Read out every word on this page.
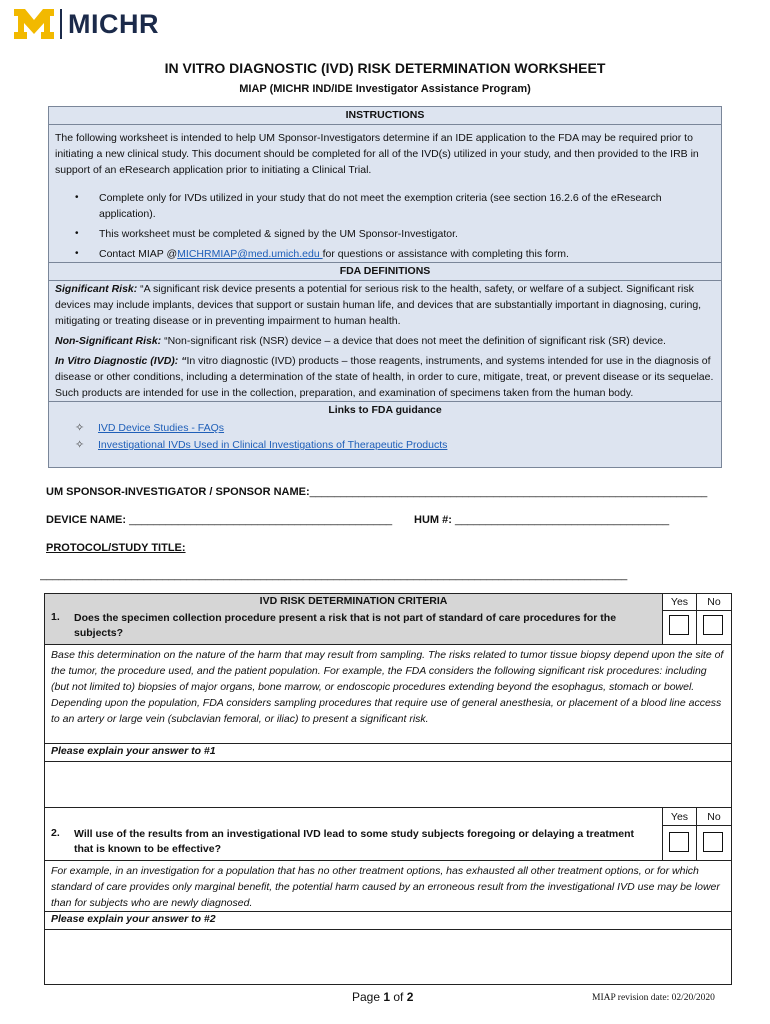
MICHR
IN VITRO DIAGNOSTIC (IVD) RISK DETERMINATION WORKSHEET
MIAP (MICHR IND/IDE Investigator Assistance Program)
INSTRUCTIONS
The following worksheet is intended to help UM Sponsor-Investigators determine if an IDE application to the FDA may be required prior to initiating a new clinical study. This document should be completed for all of the IVD(s) utilized in your study, and then provided to the IRB in support of an eResearch application prior to initiating a Clinical Trial.
• Complete only for IVDs utilized in your study that do not meet the exemption criteria (see section 16.2.6 of the eResearch application).
• This worksheet must be completed & signed by the UM Sponsor-Investigator.
• Contact MIAP @MICHRMIAP@med.umich.edu for questions or assistance with completing this form.
FDA DEFINITIONS
Significant Risk: “A significant risk device presents a potential for serious risk to the health, safety, or welfare of a subject. Significant risk devices may include implants, devices that support or sustain human life, and devices that are substantially important in diagnosing, curing, mitigating or treating disease or in preventing impairment to human health.
Non-Significant Risk: “Non-significant risk (NSR) device – a device that does not meet the definition of significant risk (SR) device.
In Vitro Diagnostic (IVD): “In vitro diagnostic (IVD) products – those reagents, instruments, and systems intended for use in the diagnosis of disease or other conditions, including a determination of the state of health, in order to cure, mitigate, treat, or prevent disease or its sequelae. Such products are intended for use in the collection, preparation, and examination of specimens taken from the human body.
Links to FDA guidance
✧ IVD Device Studies - FAQs
✧ Investigational IVDs Used in Clinical Investigations of Therapeutic Products
UM SPONSOR-INVESTIGATOR / SPONSOR NAME:_________________________________________________________________
DEVICE NAME: ___________________________________________ HUM #: ___________________________________
PROTOCOL/STUDY TITLE:
________________________________________________________________________________________________
IVD RISK DETERMINATION CRITERIA
1. Does the specimen collection procedure present a risk that is not part of standard of care procedures for the subjects?
Yes	No
Base this determination on the nature of the harm that may result from sampling. The risks related to tumor tissue biopsy depend upon the site of the tumor, the procedure used, and the patient population. For example, the FDA considers the following significant risk procedures: including (but not limited to) biopsies of major organs, bone marrow, or endoscopic procedures extending beyond the esophagus, stomach or bowel. Depending upon the population, FDA considers sampling procedures that require use of general anesthesia, or placement of a blood line access to an artery or large vein (subclavian femoral, or iliac) to present a significant risk.
Please explain your answer to #1
2. Will use of the results from an investigational IVD lead to some study subjects foregoing or delaying a treatment that is known to be effective?
Yes	No
For example, in an investigation for a population that has no other treatment options, has exhausted all other treatment options, or for which standard of care provides only marginal benefit, the potential harm caused by an erroneous result from the investigational IVD use may be lower than for subjects who are newly diagnosed.
Please explain your answer to #2
Page 1 of 2	MIAP revision date: 02/20/2020
